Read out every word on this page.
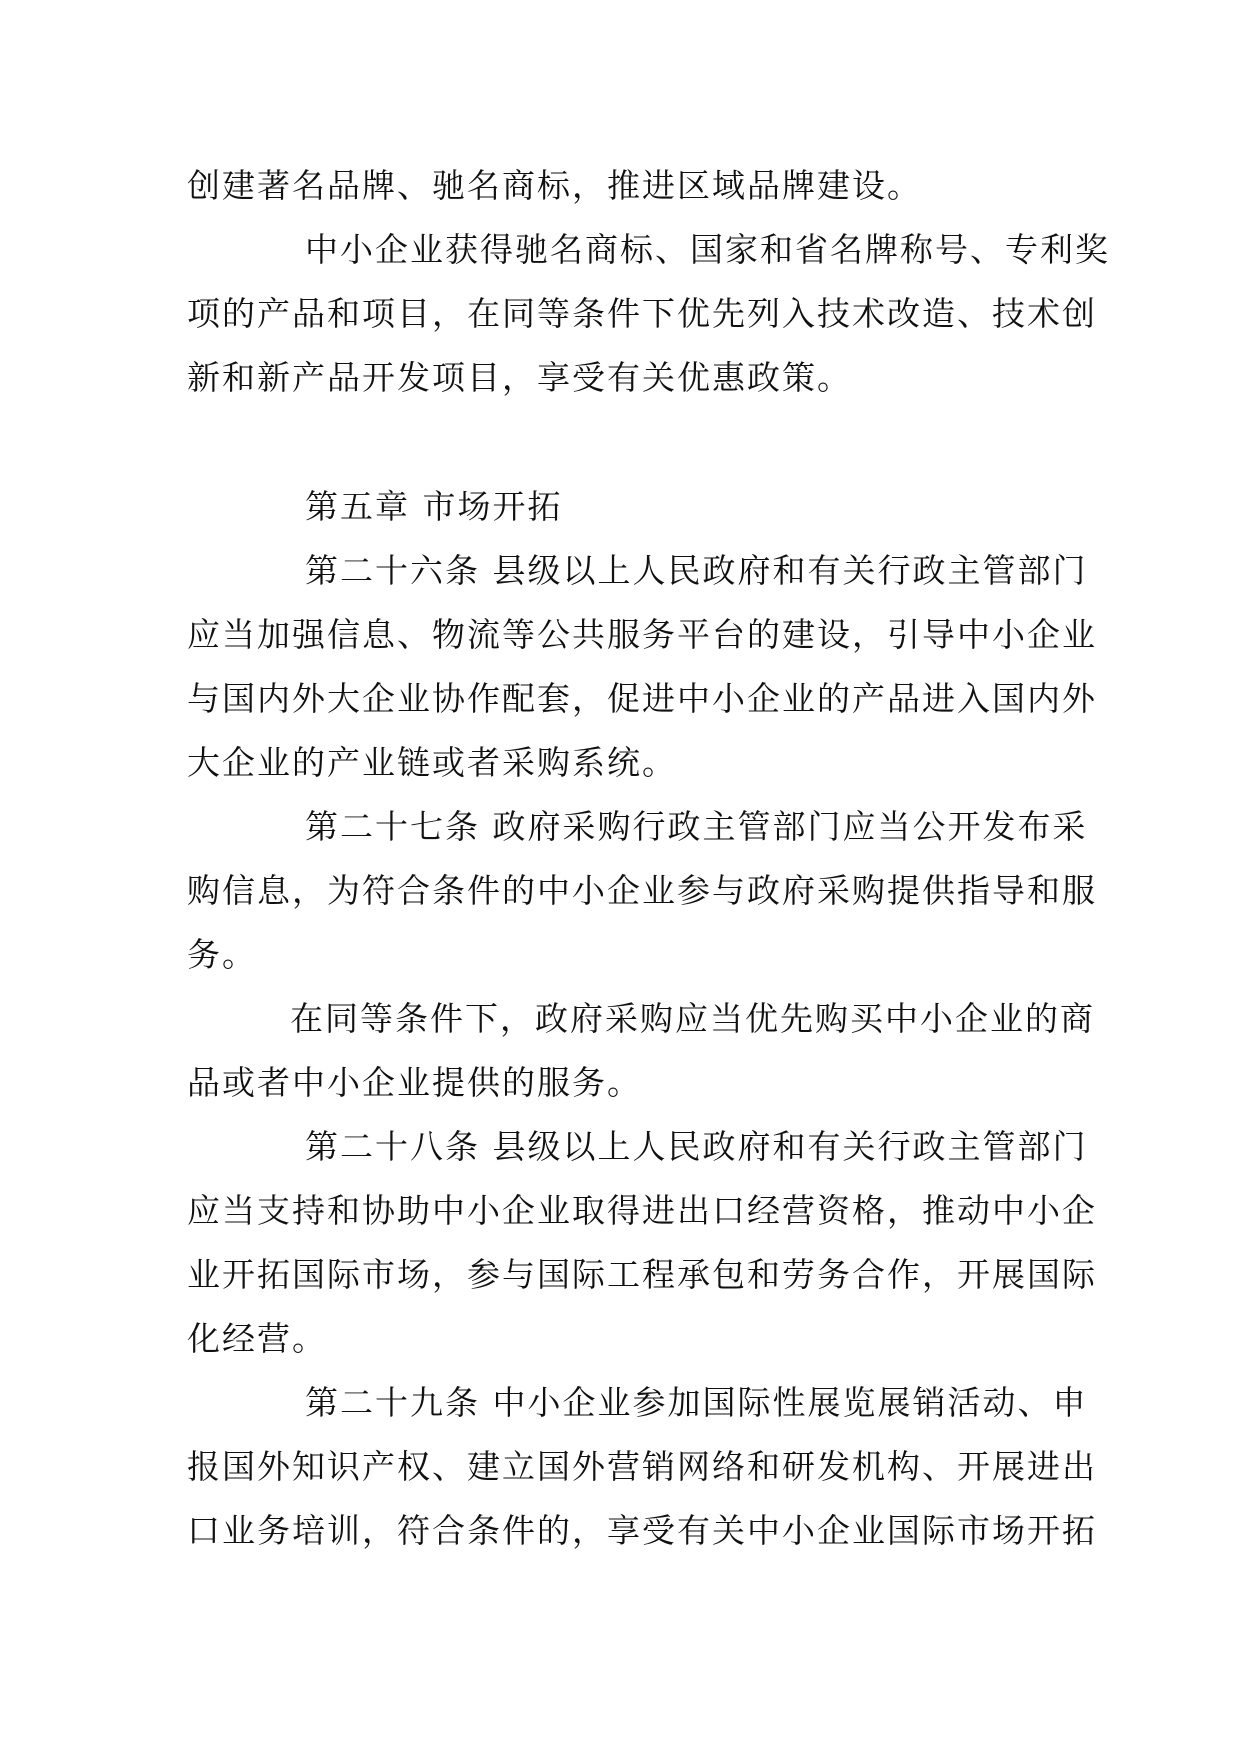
创建著名品牌、驰名商标，推进区域品牌建设。
中小企业获得驰名商标、国家和省名牌称号、专利奖
项的产品和项目，在同等条件下优先列入技术改造、技术创
新和新产品开发项目，享受有关优惠政策。
第五章 市场开拓
第二十六条 县级以上人民政府和有关行政主管部门
应当加强信息、物流等公共服务平台的建设，引导中小企业
与国内外大企业协作配套，促进中小企业的产品进入国内外
大企业的产业链或者采购系统。
第二十七条 政府采购行政主管部门应当公开发布采
购信息，为符合条件的中小企业参与政府采购提供指导和服
务。
在同等条件下，政府采购应当优先购买中小企业的商
品或者中小企业提供的服务。
第二十八条 县级以上人民政府和有关行政主管部门
应当支持和协助中小企业取得进出口经营资格，推动中小企
业开拓国际市场，参与国际工程承包和劳务合作，开展国际
化经营。
第二十九条 中小企业参加国际性展览展销活动、申
报国外知识产权、建立国外营销网络和研发机构、开展进出
口业务培训，符合条件的，享受有关中小企业国际市场开拓
